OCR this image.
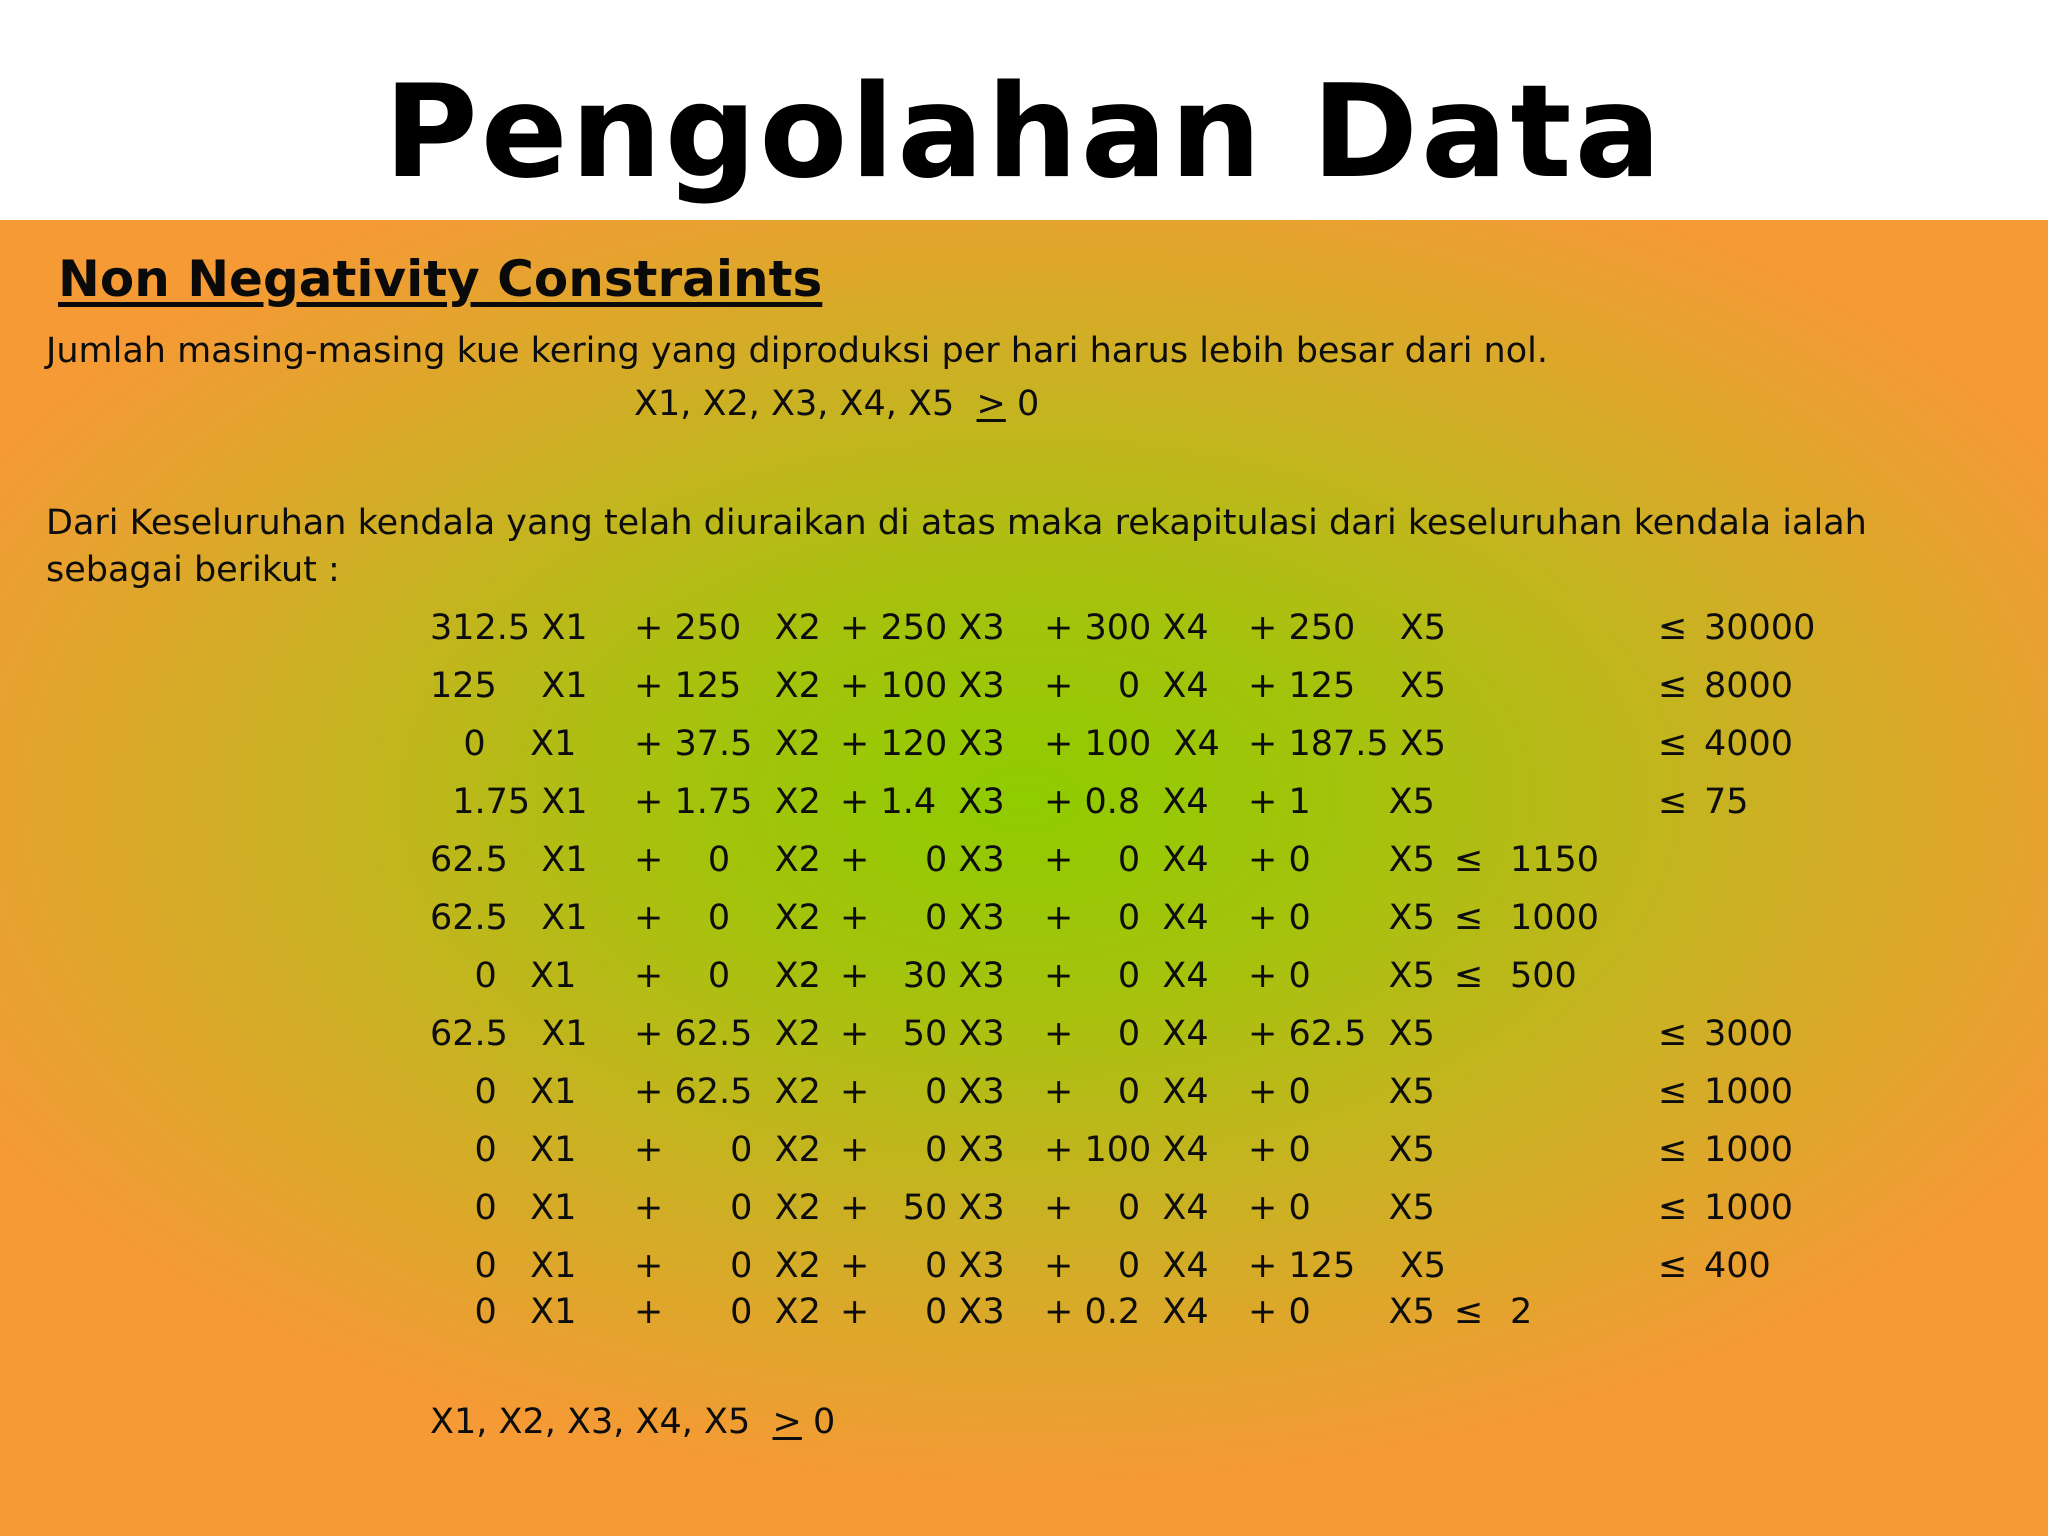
Pengolahan Data
Non Negativity Constraints
Jumlah masing-masing kue kering yang diproduksi per hari harus lebih besar dari nol.
X1, X2, X3, X4, X5 > 0
Dari Keseluruhan kendala yang telah diuraikan di atas maka rekapitulasi dari keseluruhan kendala ialah
sebagai berikut :
312.5 X1 + 250   X2 + 250 X3 + 300 X4 + 250    X5	≤ 30000
125    X1 + 125   X2 + 100 X3 +    0  X4 + 125    X5	≤ 8000
0    X1 + 37.5  X2 + 120 X3 + 100  X4 + 187.5 X5	≤ 4000
1.75 X1 + 1.75  X2 + 1.4  X3 + 0.8  X4 + 1       X5	≤ 75
62.5   X1 +    0    X2 +     0 X3 +    0  X4 + 0       X5 ≤ 1150
62.5   X1 +    0    X2 +     0 X3 +    0  X4 + 0       X5 ≤ 1000
0   X1 +    0    X2 +   30 X3 +    0  X4 + 0       X5 ≤ 500
62.5   X1 + 62.5  X2 +   50 X3 +    0  X4 + 62.5  X5	≤ 3000
0   X1 + 62.5  X2 +     0 X3 +    0  X4 + 0       X5	≤ 1000
0   X1 +      0  X2 +     0 X3 + 100 X4 + 0       X5	≤ 1000
0   X1 +      0  X2 +   50 X3 +    0  X4 + 0       X5	≤ 1000
0   X1 +      0  X2 +     0 X3 +    0  X4 + 125    X5	≤ 400
0   X1 +      0  X2 +     0 X3 + 0.2  X4 + 0       X5 ≤ 2
X1, X2, X3, X4, X5 > 0
